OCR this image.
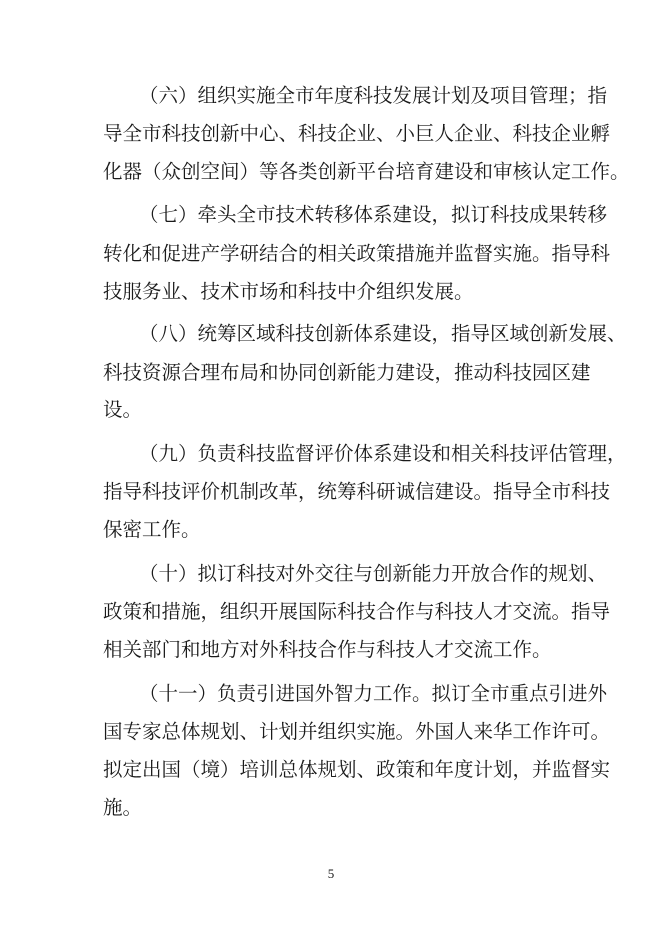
（六）组织实施全市年度科技发展计划及项目管理；指
导全市科技创新中心、科技企业、小巨人企业、科技企业孵
化器（众创空间）等各类创新平台培育建设和审核认定工作。
（七）牵头全市技术转移体系建设，拟订科技成果转移
转化和促进产学研结合的相关政策措施并监督实施。指导科
技服务业、技术市场和科技中介组织发展。
（八）统筹区域科技创新体系建设，指导区域创新发展、
科技资源合理布局和协同创新能力建设，推动科技园区建
设。
（九）负责科技监督评价体系建设和相关科技评估管理，
指导科技评价机制改革，统筹科研诚信建设。指导全市科技
保密工作。
（十）拟订科技对外交往与创新能力开放合作的规划、
政策和措施，组织开展国际科技合作与科技人才交流。指导
相关部门和地方对外科技合作与科技人才交流工作。
（十一）负责引进国外智力工作。拟订全市重点引进外
国专家总体规划、计划并组织实施。外国人来华工作许可。
拟定出国（境）培训总体规划、政策和年度计划，并监督实
施。
5
